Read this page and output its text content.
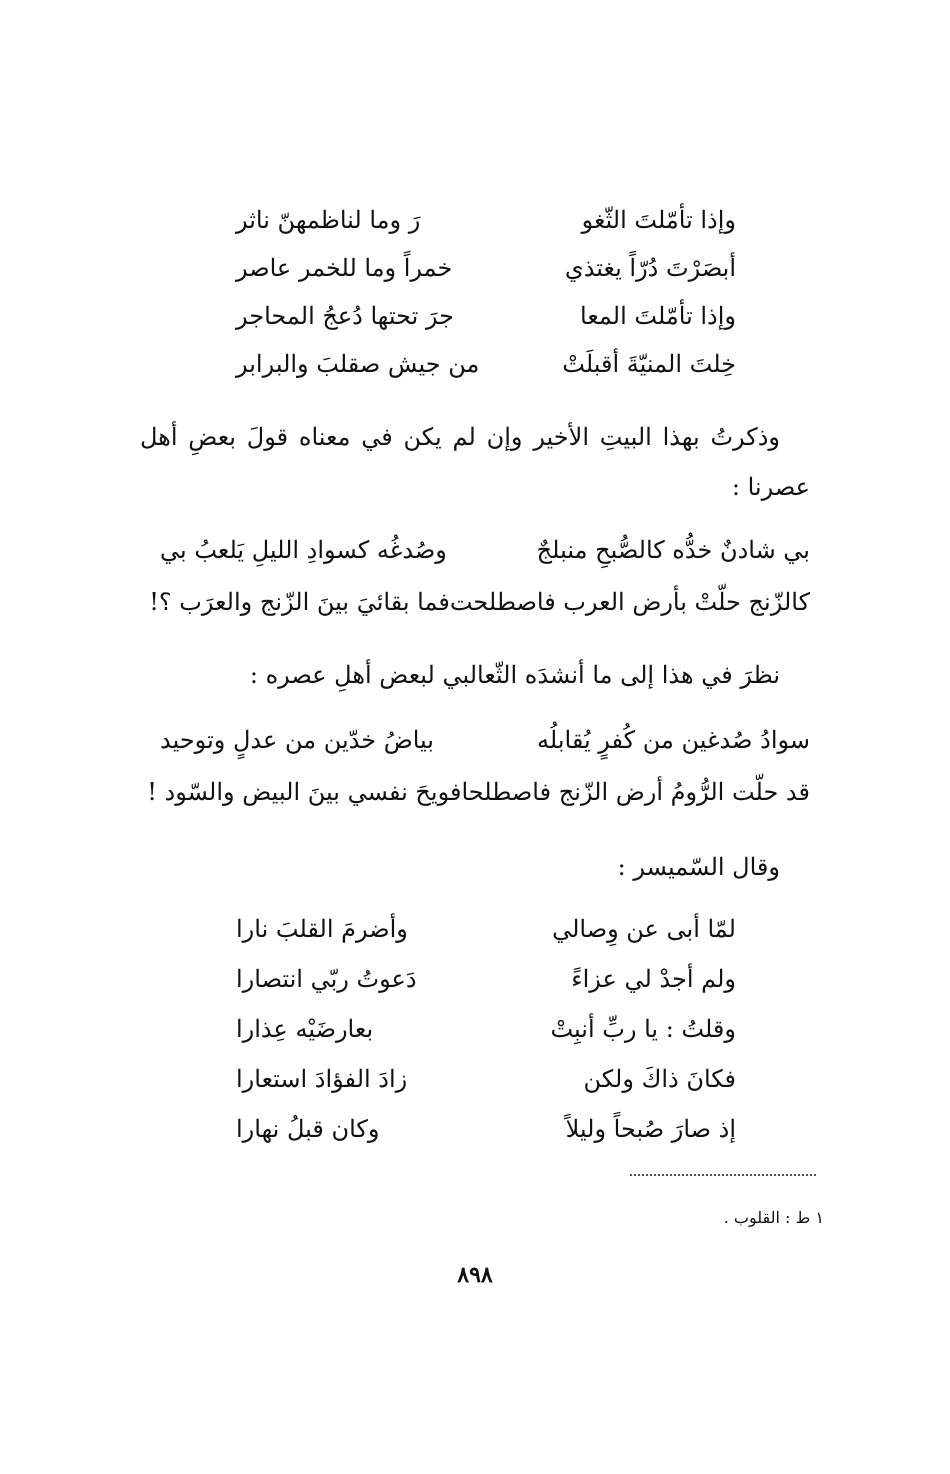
وإذا تأمّلتَ الثّغو
رَ وما لناظمهنّ ناثر
أبصَرْتَ دُرّاً يغتذي
خمراً وما للخمر عاصر
وإذا تأمّلتَ المعا
جرَ تحتها دُعجُ المحاجر
خِلتَ المنيّةَ أقبلَتْ
من جيش صقلبَ والبرابر
وذكرتُ بهذا البيتِ الأخير وإن لم يكن في معناه قولَ بعضِ أهل عصرنا :
بي شادنٌ خدُّه كالصُّبحِ منبلجٌ
وصُدغُه كسوادِ الليلِ يَلعبُ بي
كالزّنج حلّتْ بأرض العرب فاصطلحت
فما بقائيَ بينَ الزّنج والعرَب ؟!
نظرَ في هذا إلى ما أنشدَه الثّعالبي لبعض أهلِ عصره :
سوادُ صُدغين من كُفرٍ يُقابلُه
بياضُ خدّين من عدلٍ وتوحيد
قد حلّت الرُّومُ أرض الزّنج فاصطلحا
فويحَ نفسي بينَ البيض والسّود !
وقال السّميسر :
لمّا أبى عن وِصالي
وأضرمَ القلبَ نارا
ولم أجدْ لي عزاءً
دَعوتُ ربّي انتصارا
وقلتُ : يا ربِّ أنبِتْ
بعارضَيْه عِذارا
فكانَ ذاكَ ولكن
زادَ الفؤادَ استعارا
إذ صارَ صُبحاً وليلاً
وكان قبلُ نهارا
١ ط : القلوب .
٨٩٨
